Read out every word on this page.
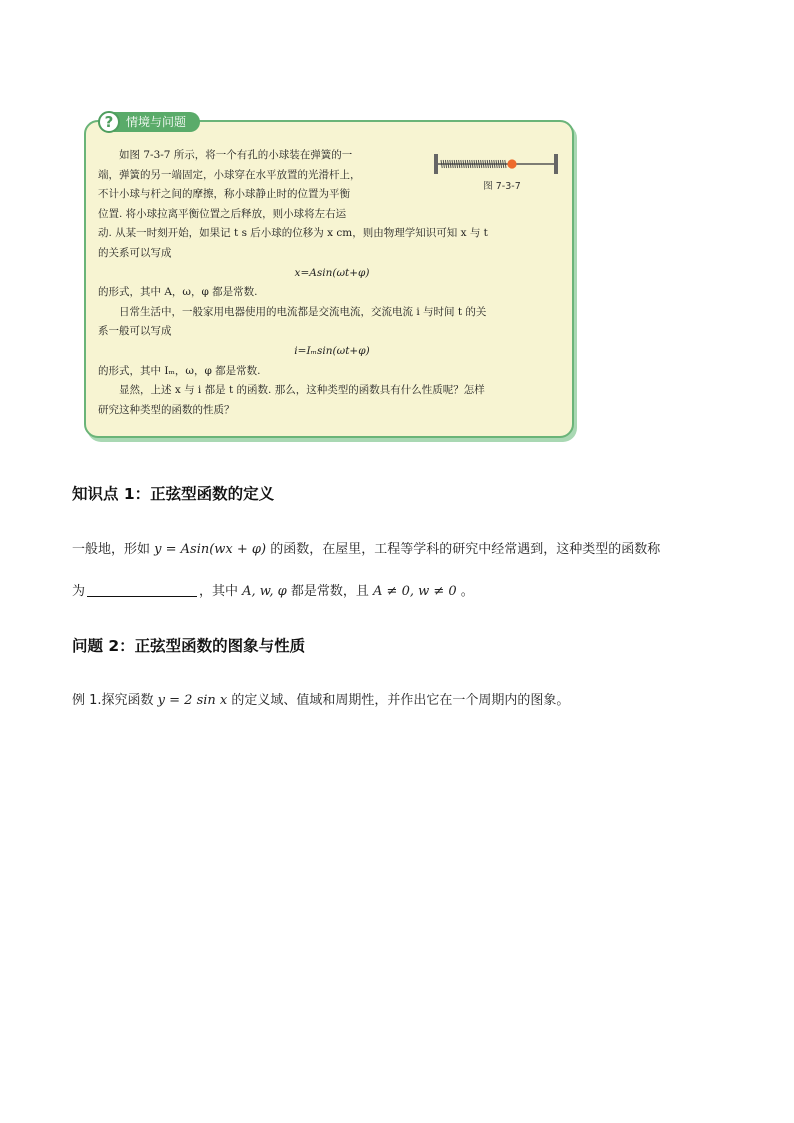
?	情境与问题
图 7-3-7

如图 7-3-7 所示，将一个有孔的小球装在弹簧的一

端，弹簧的另一端固定，小球穿在水平放置的光滑杆上，

不计小球与杆之间的摩擦，称小球静止时的位置为平衡

位置. 将小球拉离平衡位置之后释放，则小球将左右运

动. 从某一时刻开始，如果记 t s 后小球的位移为 x cm，则由物理学知识可知 x 与 t

的关系可以写成

x=Asin(ωt+φ)

的形式，其中 A，ω，φ 都是常数.

日常生活中，一般家用电器使用的电流都是交流电流，交流电流 i 与时间 t 的关

系一般可以写成

i=Iₘsin(ωt+φ)

的形式，其中 Iₘ，ω，φ 都是常数.

显然，上述 x 与 i 都是 t 的函数. 那么，这种类型的函数具有什么性质呢？怎样

研究这种类型的函数的性质？

知识点 1：正弦型函数的定义
一般地，形如 y = Asin(wx + φ) 的函数，在屋里，工程等学科的研究中经常遇到，这种类型的函数称
为	，其中 A, w, φ 都是常数，且 A ≠ 0, w ≠ 0 。
问题 2：正弦型函数的图象与性质
例 1.探究函数 y = 2 sin x 的定义域、值域和周期性，并作出它在一个周期内的图象。
